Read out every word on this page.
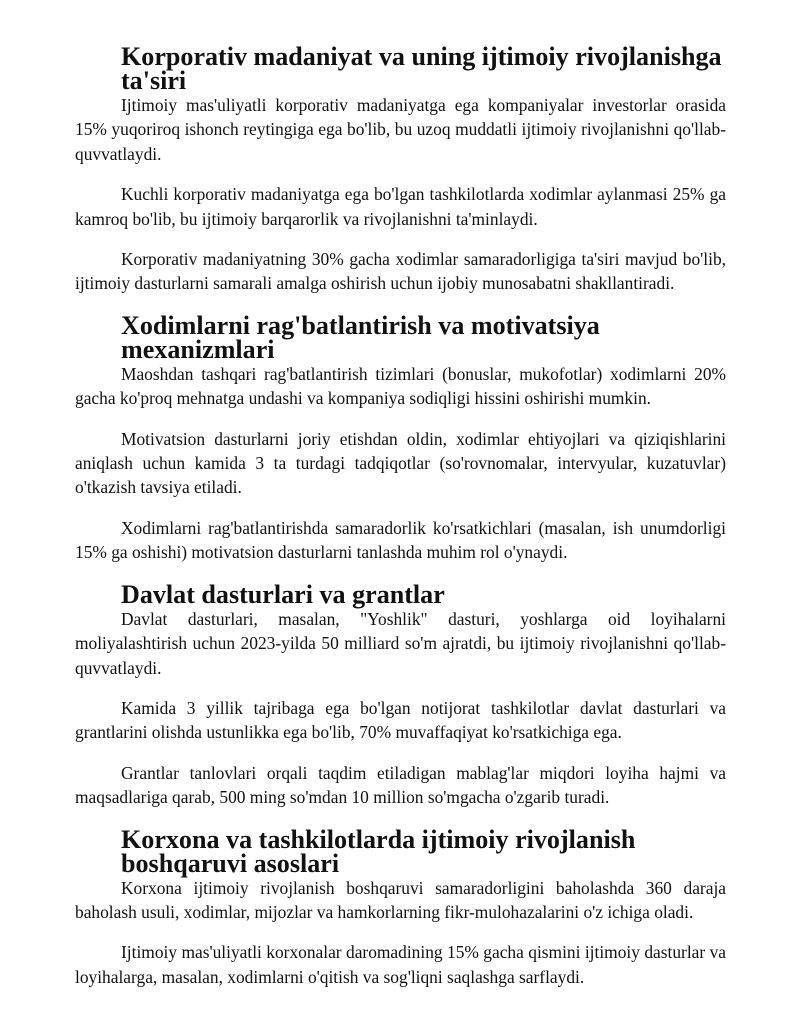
Korporativ madaniyat va uning ijtimoiy rivojlanishga ta'siri

Ijtimoiy mas'uliyatli korporativ madaniyatga ega kompaniyalar investorlar orasida 15% yuqoriroq ishonch reytingiga ega bo'lib, bu uzoq muddatli ijtimoiy rivojlanishni qo'llab-quvvatlaydi.

Kuchli korporativ madaniyatga ega bo'lgan tashkilotlarda xodimlar aylanmasi 25% ga kamroq bo'lib, bu ijtimoiy barqarorlik va rivojlanishni ta'minlaydi.

Korporativ madaniyatning 30% gacha xodimlar samaradorligiga ta'siri mavjud bo'lib, ijtimoiy dasturlarni samarali amalga oshirish uchun ijobiy munosabatni shakllantiradi.

Xodimlarni rag'batlantirish va motivatsiya mexanizmlari

Maoshdan tashqari rag'batlantirish tizimlari (bonuslar, mukofotlar) xodimlarni 20% gacha ko'proq mehnatga undashi va kompaniya sodiqligi hissini oshirishi mumkin.

Motivatsion dasturlarni joriy etishdan oldin, xodimlar ehtiyojlari va qiziqishlarini aniqlash uchun kamida 3 ta turdagi tadqiqotlar (so'rovnomalar, intervyular, kuzatuvlar) o'tkazish tavsiya etiladi.

Xodimlarni rag'batlantirishda samaradorlik ko'rsatkichlari (masalan, ish unumdorligi 15% ga oshishi) motivatsion dasturlarni tanlashda muhim rol o'ynaydi.

Davlat dasturlari va grantlar

Davlat dasturlari, masalan, "Yoshlik" dasturi, yoshlarga oid loyihalarni moliyalashtirish uchun 2023-yilda 50 milliard so'm ajratdi, bu ijtimoiy rivojlanishni qo'llab-quvvatlaydi.

Kamida 3 yillik tajribaga ega bo'lgan notijorat tashkilotlar davlat dasturlari va grantlarini olishda ustunlikka ega bo'lib, 70% muvaffaqiyat ko'rsatkichiga ega.

Grantlar tanlovlari orqali taqdim etiladigan mablag'lar miqdori loyiha hajmi va maqsadlariga qarab, 500 ming so'mdan 10 million so'mgacha o'zgarib turadi.

Korxona va tashkilotlarda ijtimoiy rivojlanish boshqaruvi asoslari

Korxona ijtimoiy rivojlanish boshqaruvi samaradorligini baholashda 360 daraja baholash usuli, xodimlar, mijozlar va hamkorlarning fikr-mulohazalarini o'z ichiga oladi.

Ijtimoiy mas'uliyatli korxonalar daromadining 15% gacha qismini ijtimoiy dasturlar va loyihalarga, masalan, xodimlarni o'qitish va sog'liqni saqlashga sarflaydi.
